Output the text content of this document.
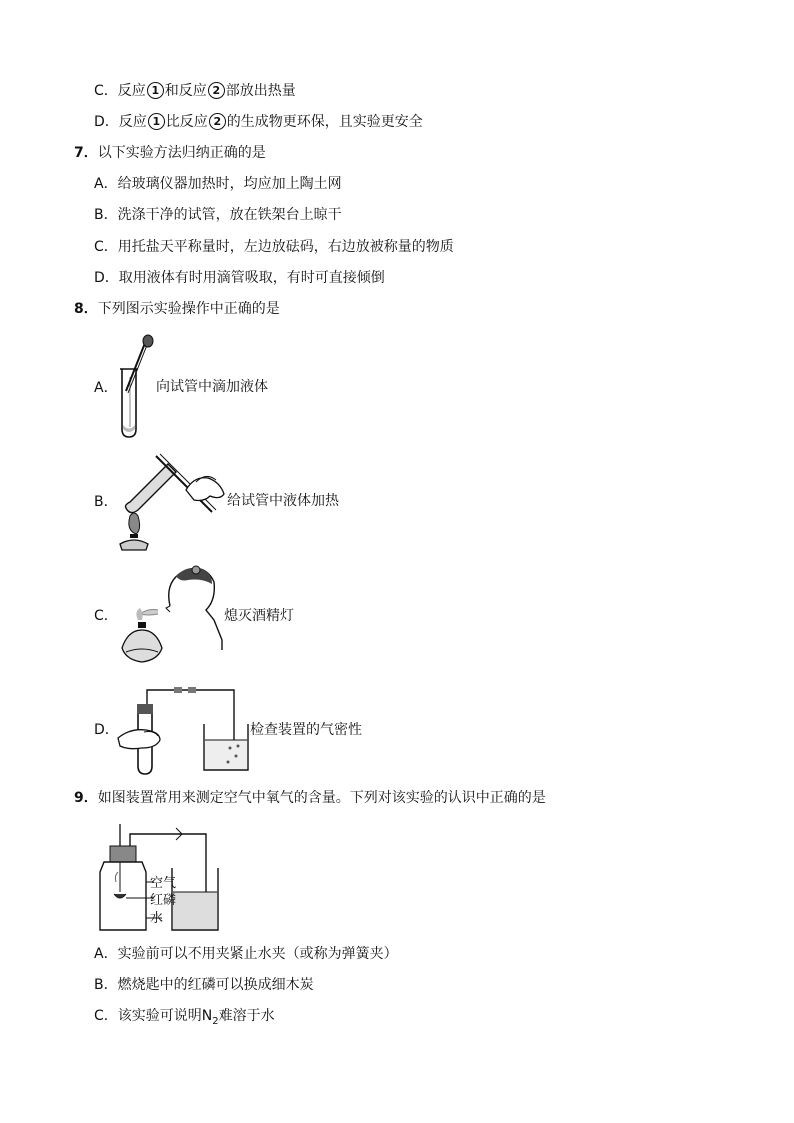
C．反应 1 和反应 2 部放出热量
D．反应 1 比反应 2 的生成物更环保，且实验更安全
7．以下实验方法归纳正确的是
A．给玻璃仪器加热时，均应加上陶土网
B．洗涤干净的试管，放在铁架台上晾干
C．用托盐天平称量时，左边放砝码，右边放被称量的物质
D．取用液体有时用滴管吸取，有时可直接倾倒
8．下列图示实验操作中正确的是
A．	向试管中滴加液体
B．	给试管中液体加热
C．	熄灭酒精灯
D．	检查装置的气密性
9．如图装置常用来测定空气中氧气的含量。下列对该实验的认识中正确的是
空气
红磷
水
A．实验前可以不用夹紧止水夹（或称为弹簧夹）
B．燃烧匙中的红磷可以换成细木炭
C．该实验可说明$N_2$难溶于水
